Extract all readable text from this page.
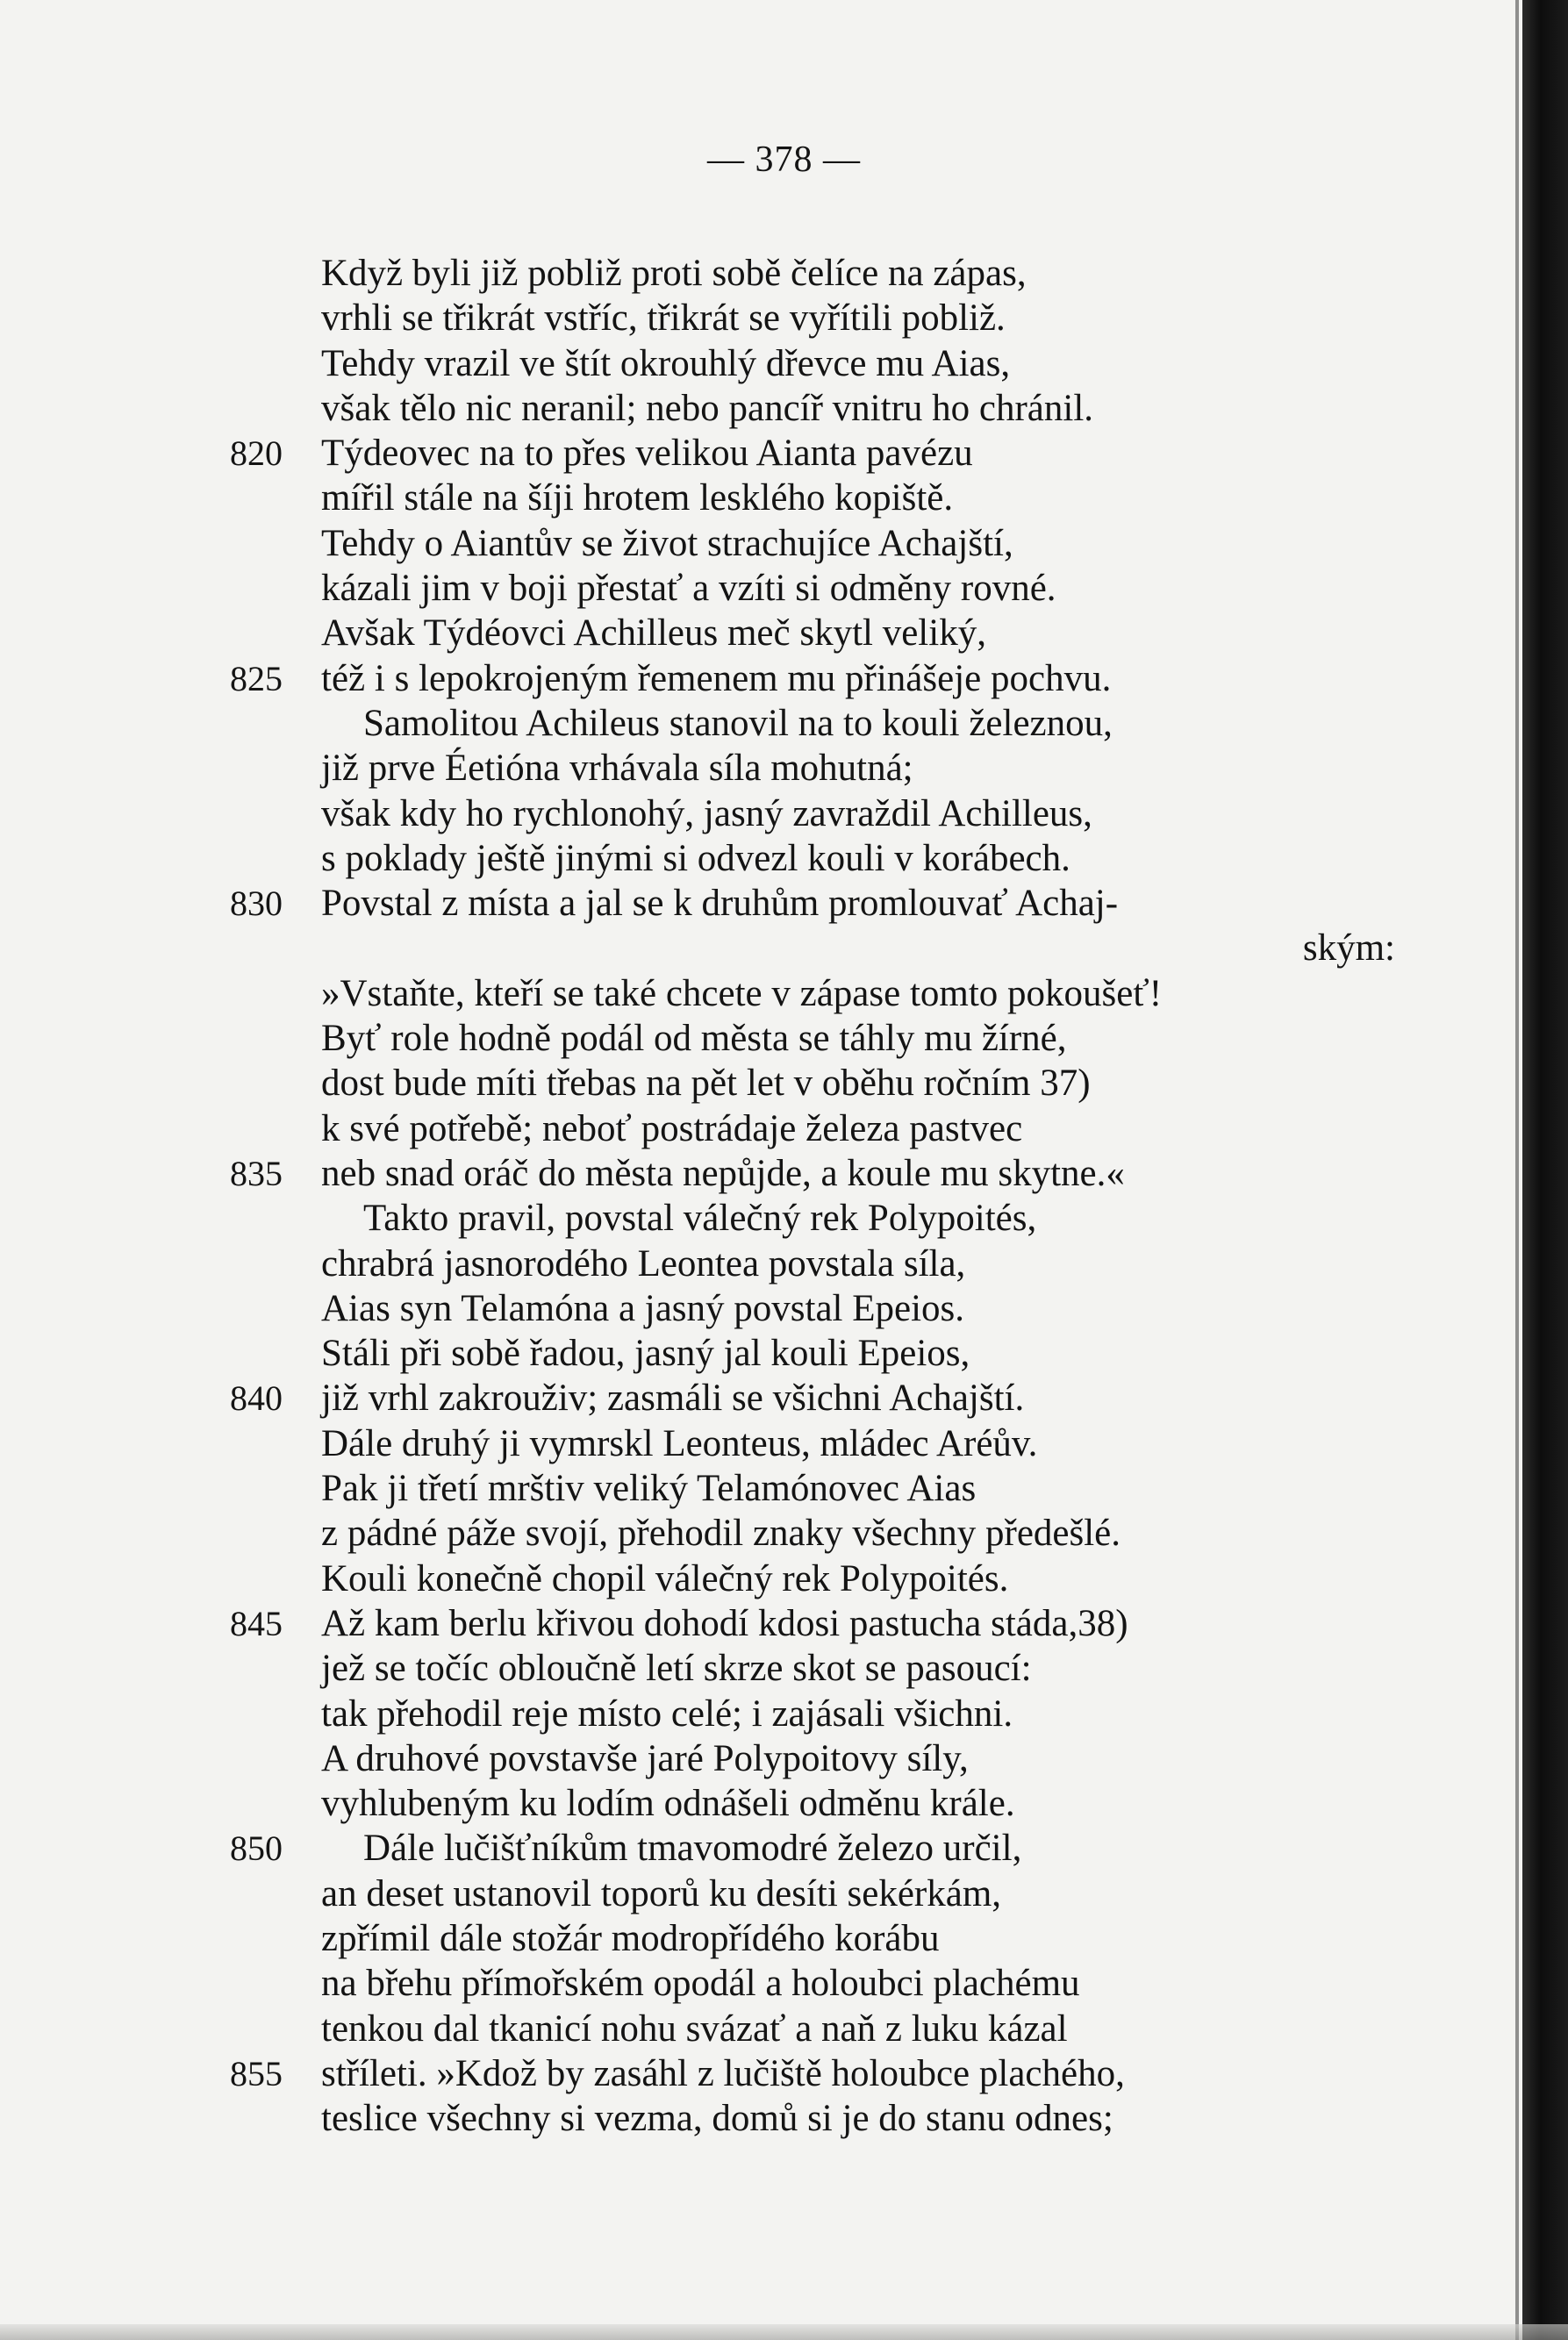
— 378 —
Když byli již pobliž proti sobě čelíce na zápas,
vrhli se třikrát vstříc, třikrát se vyřítili pobliž.
Tehdy vrazil ve štít okrouhlý dřevce mu Aias,
však tělo nic neranil; nebo pancíř vnitru ho chránil.
820	Týdeovec na to přes velikou Aianta pavézu
mířil stále na šíji hrotem lesklého kopiště.
Tehdy o Aiantův se život strachujíce Achajští,
kázali jim v boji přestať a vzíti si odměny rovné.
Avšak Týdéovci Achilleus meč skytl veliký,
825	též i s lepokrojeným řemenem mu přinášeje pochvu.
Samolitou Achileus stanovil na to kouli železnou,
již prve Éetióna vrhávala síla mohutná;
však kdy ho rychlonohý, jasný zavraždil Achilleus,
s poklady ještě jinými si odvezl kouli v korábech.
830	Povstal z místa a jal se k druhům promlouvať Achaj-
ským:
»Vstaňte, kteří se také chcete v zápase tomto pokoušeť!
Byť role hodně podál od města se táhly mu žírné,
dost bude míti třebas na pět let v oběhu ročním 37)
k své potřebě; neboť postrádaje železa pastvec
835	neb snad oráč do města nepůjde, a koule mu skytne.«
Takto pravil, povstal válečný rek Polypoités,
chrabrá jasnorodého Leontea povstala síla,
Aias syn Telamóna a jasný povstal Epeios.
Stáli při sobě řadou, jasný jal kouli Epeios,
840	již vrhl zakrouživ; zasmáli se všichni Achajští.
Dále druhý ji vymrskl Leonteus, mládec Aréův.
Pak ji třetí mrštiv veliký Telamónovec Aias
z pádné páže svojí, přehodil znaky všechny předešlé.
Kouli konečně chopil válečný rek Polypoités.
845	Až kam berlu křivou dohodí kdosi pastucha stáda,38)
jež se točíc obloučně letí skrze skot se pasoucí:
tak přehodil reje místo celé; i zajásali všichni.
A druhové povstavše jaré Polypoitovy síly,
vyhlubeným ku lodím odnášeli odměnu krále.
850	Dále lučišťníkům tmavomodré železo určil,
an deset ustanovil toporů ku desíti sekérkám,
zpřímil dále stožár modropřídého korábu
na břehu přímořském opodál a holoubci plachému
tenkou dal tkanicí nohu svázať a naň z luku kázal
855	stříleti. »Kdož by zasáhl z lučiště holoubce plachého,
teslice všechny si vezma, domů si je do stanu odnes;
